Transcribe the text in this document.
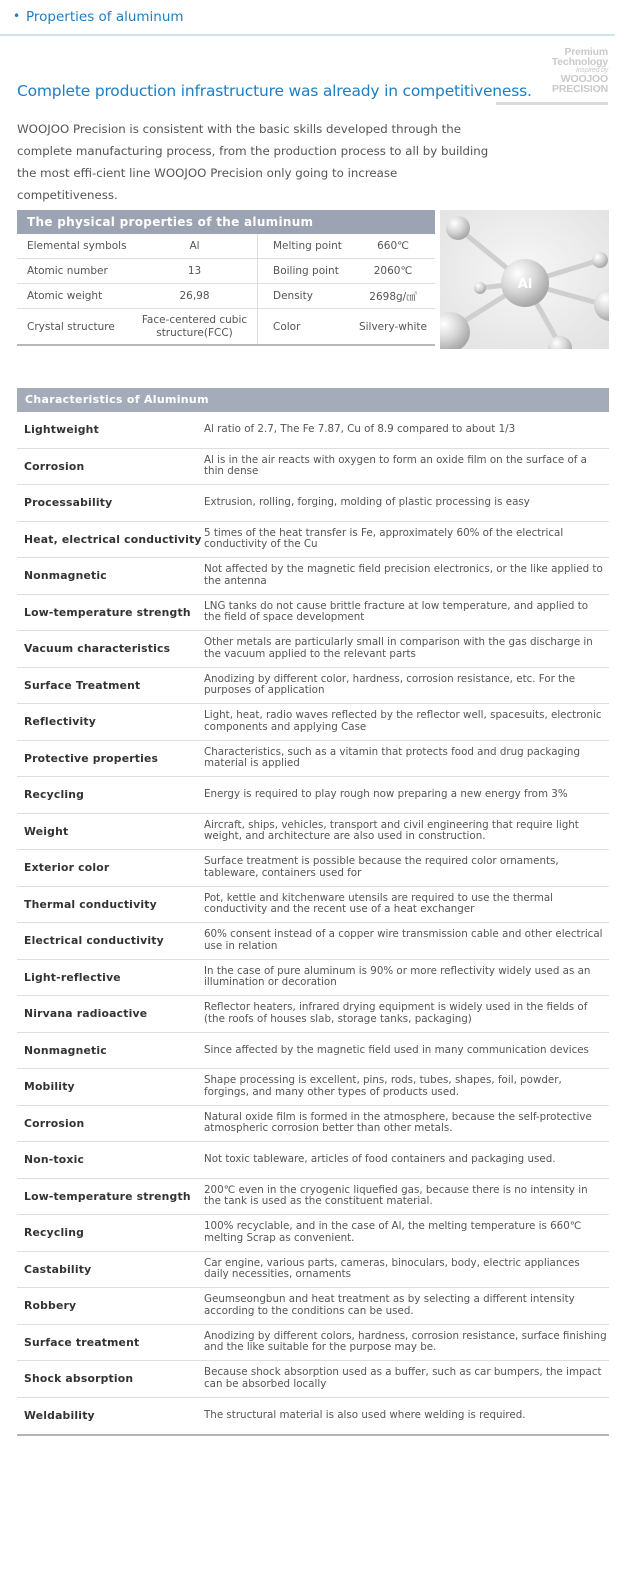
• Properties of aluminum
Premium
Technology
Inspired by
WOOJOO
PRECISION
Complete production infrastructure was already in competitiveness.
WOOJOO Precision is consistent with the basic skills developed through the complete manufacturing process, from the production process to all by building the most effi-cient line WOOJOO Precision only going to increase competitiveness.
The physical properties of the aluminum
Elemental symbols	Al	Melting point	660℃
Atomic number	13	Boiling point	2060℃
Atomic weight	26,98	Density	2698g/㎤
Crystal structure	Face-centered cubic structure(FCC)	Color	Silvery-white
Al
Characteristics of Aluminum
Lightweight	Al ratio of 2.7, The Fe 7.87, Cu of 8.9 compared to about 1/3
Corrosion	Al is in the air reacts with oxygen to form an oxide film on the surface of a thin dense
Processability	Extrusion, rolling, forging, molding of plastic processing is easy
Heat, electrical conductivity 5 times of the heat transfer is Fe, approximately 60% of the electrical conductivity of the Cu
Nonmagnetic	Not affected by the magnetic field precision electronics, or the like applied to the antenna
Low-temperature strength	LNG tanks do not cause brittle fracture at low temperature, and applied to the field of space development
Vacuum characteristics	Other metals are particularly small in comparison with the gas discharge in the vacuum applied to the relevant parts
Surface Treatment	Anodizing by different color, hardness, corrosion resistance, etc. For the purposes of application
Reflectivity	Light, heat, radio waves reflected by the reflector well, spacesuits, electronic components and applying Case
Protective properties	Characteristics, such as a vitamin that protects food and drug packaging material is applied
Recycling	Energy is required to play rough now preparing a new energy from 3%
Weight	Aircraft, ships, vehicles, transport and civil engineering that require light weight, and architecture are also used in construction.
Exterior color	Surface treatment is possible because the required color ornaments, tableware, containers used for
Thermal conductivity	Pot, kettle and kitchenware utensils are required to use the thermal conductivity and the recent use of a heat exchanger
Electrical conductivity	60% consent instead of a copper wire transmission cable and other electrical use in relation
Light-reflective	In the case of pure aluminum is 90% or more reflectivity widely used as an illumination or decoration
Nirvana radioactive	Reflector heaters, infrared drying equipment is widely used in the fields of (the roofs of houses slab, storage tanks, packaging)
Nonmagnetic	Since affected by the magnetic field used in many communication devices
Mobility	Shape processing is excellent, pins, rods, tubes, shapes, foil, powder, forgings, and many other types of products used.
Corrosion	Natural oxide film is formed in the atmosphere, because the self-protective atmospheric corrosion better than other metals.
Non-toxic	Not toxic tableware, articles of food containers and packaging used.
Low-temperature strength	200℃ even in the cryogenic liquefied gas, because there is no intensity in the tank is used as the constituent material.
Recycling	100% recyclable, and in the case of Al, the melting temperature is 660℃ melting Scrap as convenient.
Castability	Car engine, various parts, cameras, binoculars, body, electric appliances daily necessities, ornaments
Robbery	Geumseongbun and heat treatment as by selecting a different intensity according to the conditions can be used.
Surface treatment	Anodizing by different colors, hardness, corrosion resistance, surface finishing and the like suitable for the purpose may be.
Shock absorption	Because shock absorption used as a buffer, such as car bumpers, the impact can be absorbed locally
Weldability	The structural material is also used where welding is required.
